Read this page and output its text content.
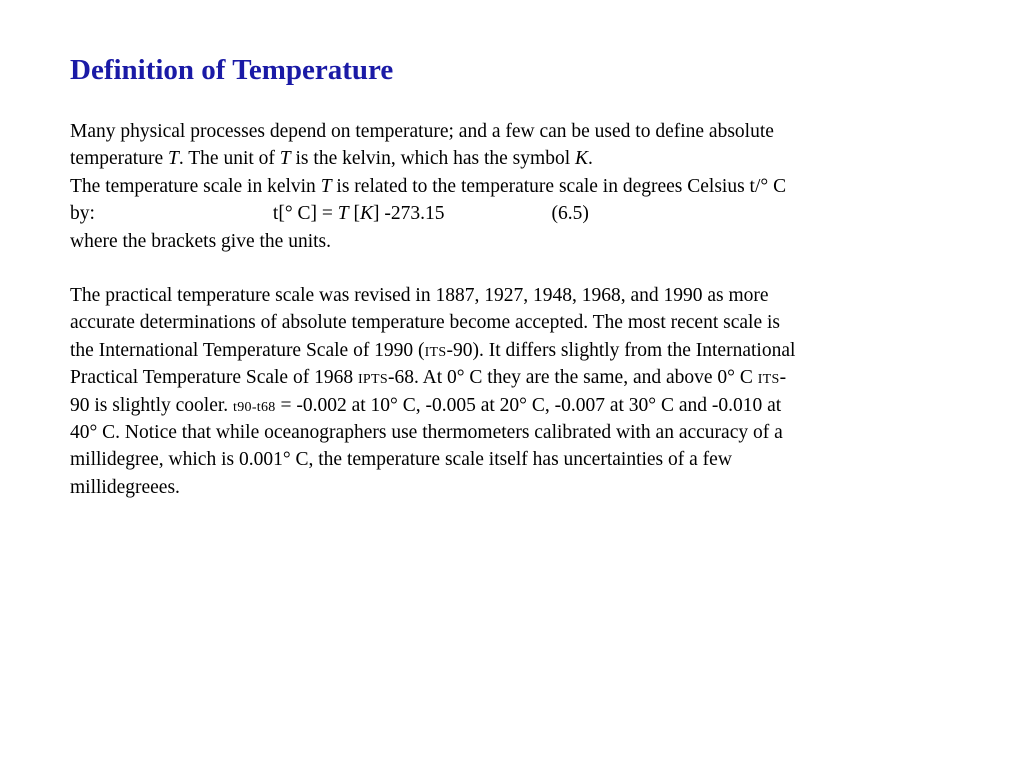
Definition of Temperature
Many physical processes depend on temperature; and a few can be used to define absolute
temperature T. The unit of T is the kelvin, which has the symbol K.
The temperature scale in kelvin T is related to the temperature scale in degrees Celsius t/° C
by:	t[° C] = T [K] -273.15	(6.5)
where the brackets give the units.
The practical temperature scale was revised in 1887, 1927, 1948, 1968, and 1990 as more
accurate determinations of absolute temperature become accepted. The most recent scale is
the International Temperature Scale of 1990 (ITS-90). It differs slightly from the International
Practical Temperature Scale of 1968 IPTS-68. At 0° C they are the same, and above 0° C ITS-
90 is slightly cooler. t90-t68 = -0.002 at 10° C, -0.005 at 20° C, -0.007 at 30° C and -0.010 at
40° C. Notice that while oceanographers use thermometers calibrated with an accuracy of a
millidegree, which is 0.001° C, the temperature scale itself has uncertainties of a few
millidegreees.
